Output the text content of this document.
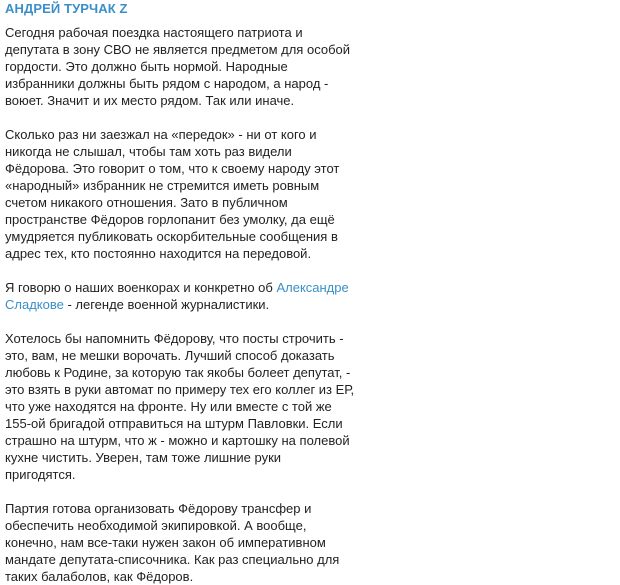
АНДРЕЙ ТУРЧАК Z
Сегодня рабочая поездка настоящего патриота и депутата в зону СВО не является предметом для особой гордости. Это должно быть нормой. Народные избранники должны быть рядом с народом, а народ - воюет. Значит и их место рядом. Так или иначе.
Сколько раз ни заезжал на «передок» - ни от кого и никогда не слышал, чтобы там хоть раз видели Фёдорова. Это говорит о том, что к своему народу этот «народный» избранник не стремится иметь ровным счетом никакого отношения. Зато в публичном пространстве Фёдоров горлопанит без умолку, да ещё умудряется публиковать оскорбительные сообщения в адрес тех, кто постоянно находится на передовой.
Я говорю о наших военкорах и конкретно об Александре Сладкове - легенде военной журналистики.
Хотелось бы напомнить Фёдорову, что посты строчить - это, вам, не мешки ворочать. Лучший способ доказать любовь к Родине, за которую так якобы болеет депутат, - это взять в руки автомат по примеру тех его коллег из ЕР, что уже находятся на фронте. Ну или вместе с той же 155-ой бригадой отправиться на штурм Павловки. Если страшно на штурм, что ж - можно и картошку на полевой кухне чистить. Уверен, там тоже лишние руки пригодятся.
Партия готова организовать Фёдорову трансфер и обеспечить необходимой экипировкой. А вообще, конечно, нам все-таки нужен закон об императивном мандате депутата-списочника. Как раз специально для таких балаболов, как Фёдоров.
